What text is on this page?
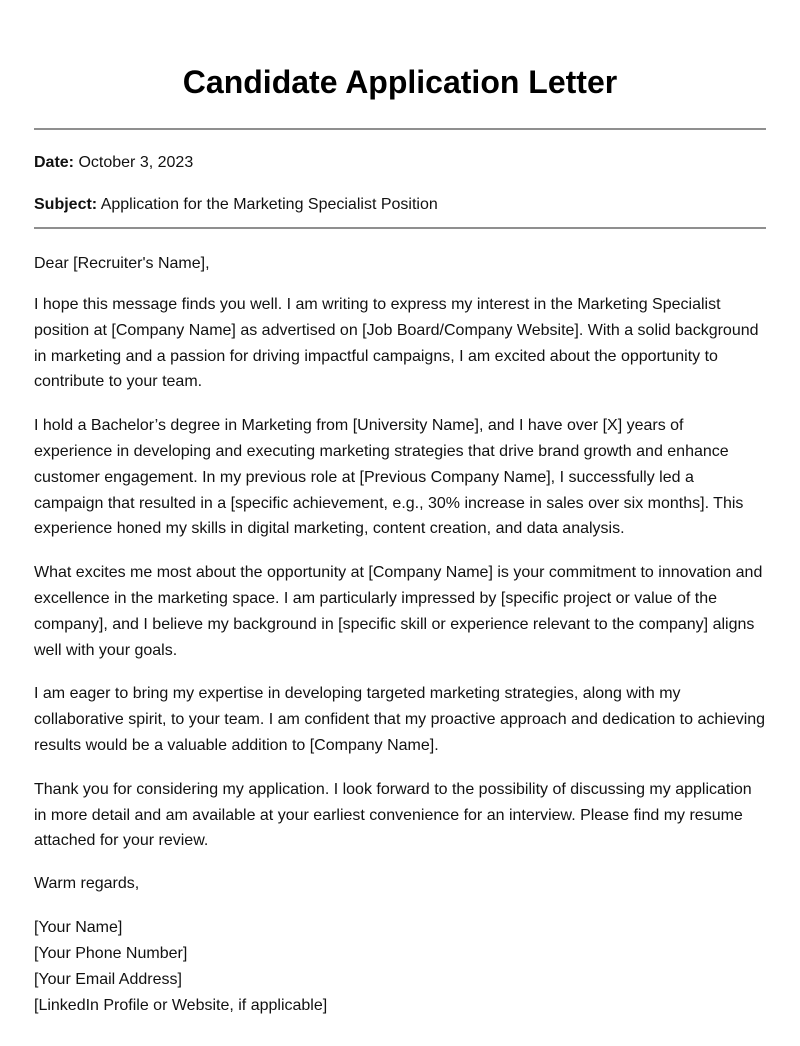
Candidate Application Letter

Date: October 3, 2023

Subject: Application for the Marketing Specialist Position

Dear [Recruiter's Name],

I hope this message finds you well. I am writing to express my interest in the Marketing Specialist position at [Company Name] as advertised on [Job Board/Company Website]. With a solid background in marketing and a passion for driving impactful campaigns, I am excited about the opportunity to contribute to your team.

I hold a Bachelor’s degree in Marketing from [University Name], and I have over [X] years of experience in developing and executing marketing strategies that drive brand growth and enhance customer engagement. In my previous role at [Previous Company Name], I successfully led a campaign that resulted in a [specific achievement, e.g., 30% increase in sales over six months]. This experience honed my skills in digital marketing, content creation, and data analysis.

What excites me most about the opportunity at [Company Name] is your commitment to innovation and excellence in the marketing space. I am particularly impressed by [specific project or value of the company], and I believe my background in [specific skill or experience relevant to the company] aligns well with your goals.

I am eager to bring my expertise in developing targeted marketing strategies, along with my collaborative spirit, to your team. I am confident that my proactive approach and dedication to achieving results would be a valuable addition to [Company Name].

Thank you for considering my application. I look forward to the possibility of discussing my application in more detail and am available at your earliest convenience for an interview. Please find my resume attached for your review.

Warm regards,

[Your Name]
[Your Phone Number]
[Your Email Address]
[LinkedIn Profile or Website, if applicable]
